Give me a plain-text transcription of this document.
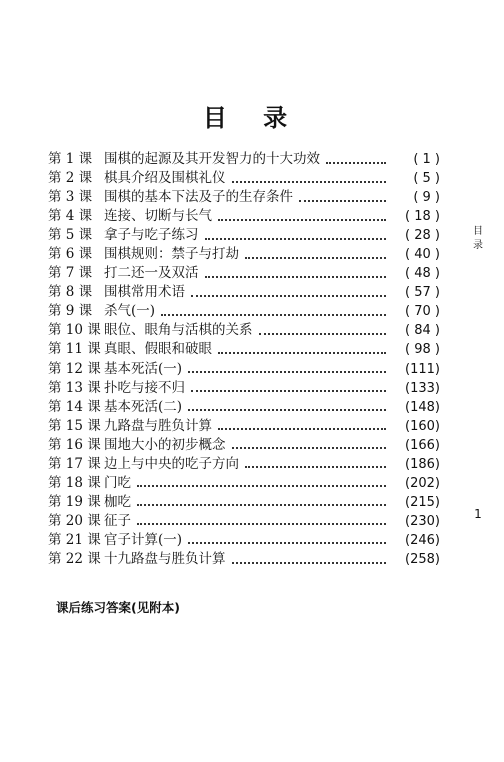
目 录
第 1 课 围棋的起源及其开发智力的十大功效	( 1 )
第 2 课 棋具介绍及围棋礼仪	( 5 )
第 3 课 围棋的基本下法及子的生存条件	( 9 )
第 4 课 连接、切断与长气	( 18 )
第 5 课 拿子与吃子练习	( 28 )
第 6 课 围棋规则：禁子与打劫	( 40 )
第 7 课 打二还一及双活	( 48 )
第 8 课 围棋常用术语	( 57 )
第 9 课 杀气(一)	( 70 )
第 10 课 眼位、眼角与活棋的关系	( 84 )
第 11 课 真眼、假眼和破眼	( 98 )
第 12 课 基本死活(一)	(111)
第 13 课 扑吃与接不归	(133)
第 14 课 基本死活(二)	(148)
第 15 课 九路盘与胜负计算	(160)
第 16 课 围地大小的初步概念	(166)
第 17 课 边上与中央的吃子方向	(186)
第 18 课 门吃	(202)
第 19 课 枷吃	(215)
第 20 课 征子	(230)
第 21 课 官子计算(一)	(246)
第 22 课 十九路盘与胜负计算	(258)
目
录
1
课后练习答案(见附本)
